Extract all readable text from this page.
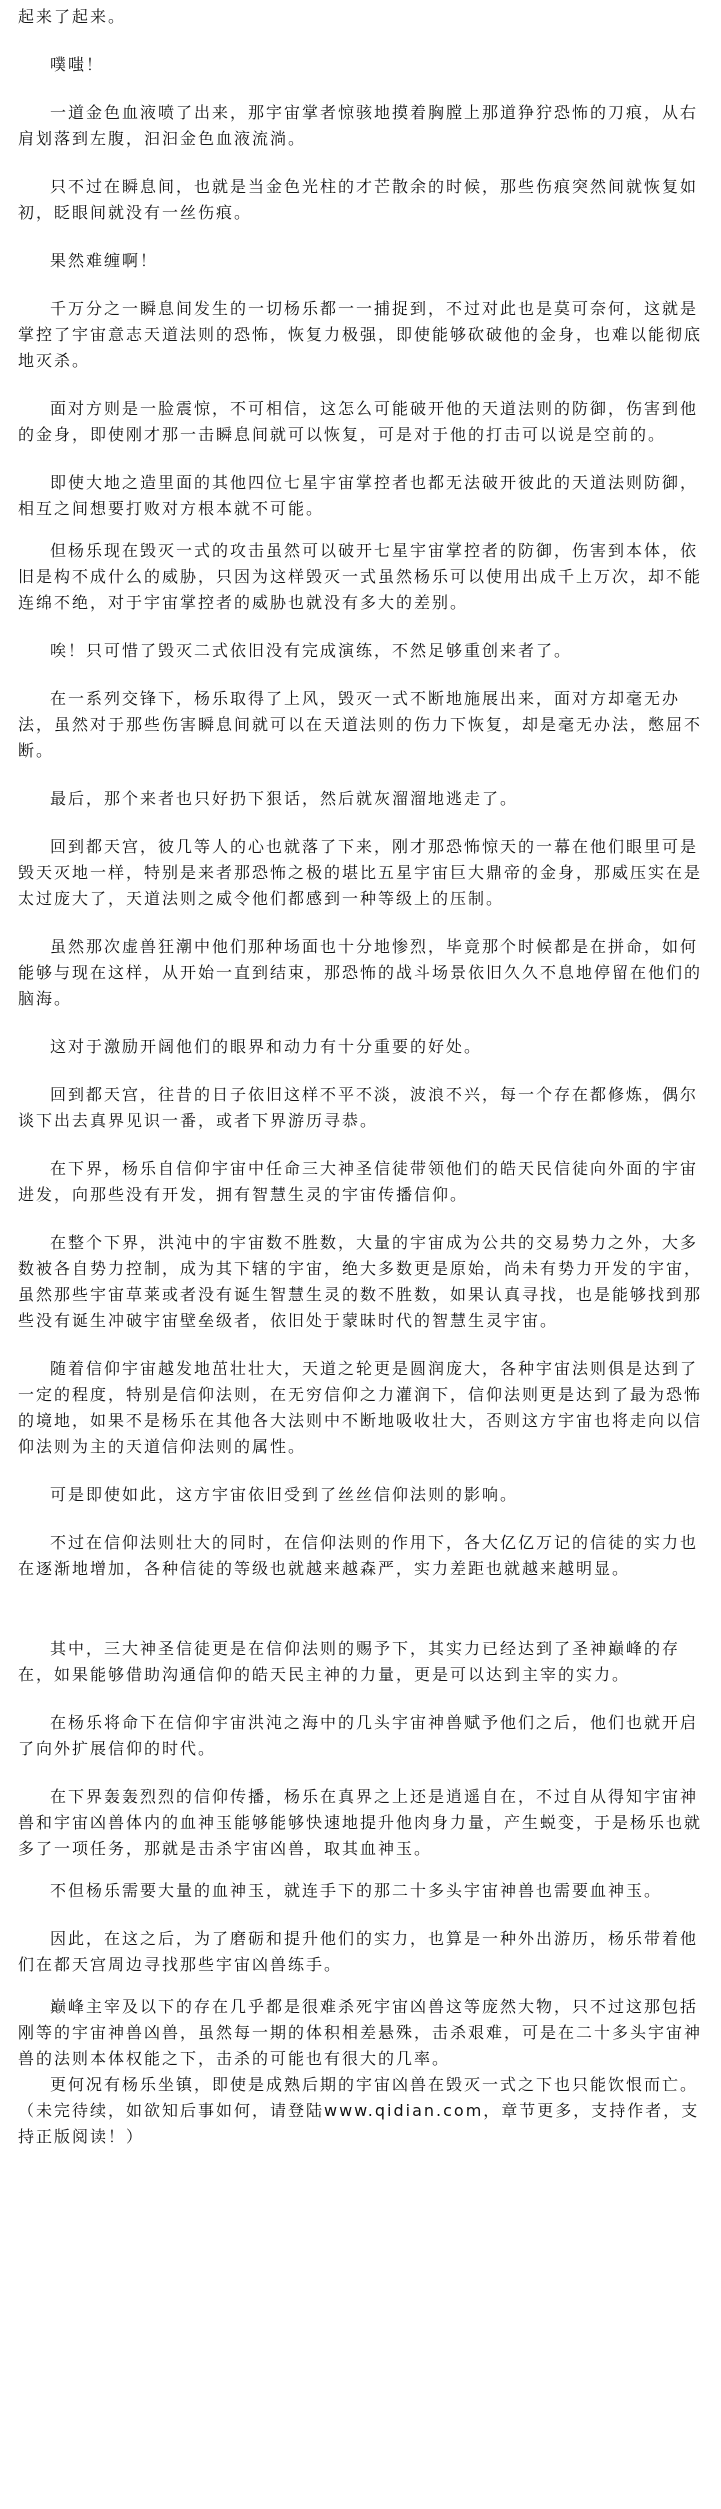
起来了起来。

噗嗤！

一道金色血液喷了出来，那宇宙掌者惊骇地摸着胸膛上那道狰狞恐怖的刀痕，从右肩划落到左腹，汩汩金色血液流淌。

只不过在瞬息间，也就是当金色光柱的才芒散余的时候，那些伤痕突然间就恢复如初，眨眼间就没有一丝伤痕。

果然难缠啊！

千万分之一瞬息间发生的一切杨乐都一一捕捉到，不过对此也是莫可奈何，这就是掌控了宇宙意志天道法则的恐怖，恢复力极强，即使能够砍破他的金身，也难以能彻底地灭杀。

面对方则是一脸震惊，不可相信，这怎么可能破开他的天道法则的防御，伤害到他的金身，即使刚才那一击瞬息间就可以恢复，可是对于他的打击可以说是空前的。

即使大地之造里面的其他四位七星宇宙掌控者也都无法破开彼此的天道法则防御，相互之间想要打败对方根本就不可能。

但杨乐现在毁灭一式的攻击虽然可以破开七星宇宙掌控者的防御，伤害到本体，依旧是构不成什么的威胁，只因为这样毁灭一式虽然杨乐可以使用出成千上万次，却不能连绵不绝，对于宇宙掌控者的威胁也就没有多大的差别。

唉！只可惜了毁灭二式依旧没有完成演练，不然足够重创来者了。

在一系列交锋下，杨乐取得了上风，毁灭一式不断地施展出来，面对方却毫无办法，虽然对于那些伤害瞬息间就可以在天道法则的伤力下恢复，却是毫无办法，憋屈不断。

最后，那个来者也只好扔下狠话，然后就灰溜溜地逃走了。

回到都天宫，彼几等人的心也就落了下来，刚才那恐怖惊天的一幕在他们眼里可是毁天灭地一样，特别是来者那恐怖之极的堪比五星宇宙巨大鼎帝的金身，那威压实在是太过庞大了，天道法则之威令他们都感到一种等级上的压制。

虽然那次虚兽狂潮中他们那种场面也十分地惨烈，毕竟那个时候都是在拼命，如何能够与现在这样，从开始一直到结束，那恐怖的战斗场景依旧久久不息地停留在他们的脑海。

这对于激励开阔他们的眼界和动力有十分重要的好处。

回到都天宫，往昔的日子依旧这样不平不淡，波浪不兴，每一个存在都修炼，偶尔谈下出去真界见识一番，或者下界游历寻恭。

在下界，杨乐自信仰宇宙中任命三大神圣信徒带领他们的皓天民信徒向外面的宇宙进发，向那些没有开发，拥有智慧生灵的宇宙传播信仰。

在整个下界，洪沌中的宇宙数不胜数，大量的宇宙成为公共的交易势力之外，大多数被各自势力控制，成为其下辖的宇宙，绝大多数更是原始，尚未有势力开发的宇宙，虽然那些宇宙草莱或者没有诞生智慧生灵的数不胜数，如果认真寻找，也是能够找到那些没有诞生冲破宇宙壁垒级者，依旧处于蒙昧时代的智慧生灵宇宙。

随着信仰宇宙越发地茁壮壮大，天道之轮更是圆润庞大，各种宇宙法则俱是达到了一定的程度，特别是信仰法则，在无穷信仰之力灌润下，信仰法则更是达到了最为恐怖的境地，如果不是杨乐在其他各大法则中不断地吸收壮大，否则这方宇宙也将走向以信仰法则为主的天道信仰法则的属性。

可是即使如此，这方宇宙依旧受到了丝丝信仰法则的影响。

不过在信仰法则壮大的同时，在信仰法则的作用下，各大亿亿万记的信徒的实力也在逐渐地增加，各种信徒的等级也就越来越森严，实力差距也就越来越明显。

其中，三大神圣信徒更是在信仰法则的赐予下，其实力已经达到了圣神巅峰的存在，如果能够借助沟通信仰的皓天民主神的力量，更是可以达到主宰的实力。

在杨乐将命下在信仰宇宙洪沌之海中的几头宇宙神兽赋予他们之后，他们也就开启了向外扩展信仰的时代。

在下界轰轰烈烈的信仰传播，杨乐在真界之上还是逍遥自在，不过自从得知宇宙神兽和宇宙凶兽体内的血神玉能够能够快速地提升他肉身力量，产生蜕变，于是杨乐也就多了一项任务，那就是击杀宇宙凶兽，取其血神玉。

不但杨乐需要大量的血神玉，就连手下的那二十多头宇宙神兽也需要血神玉。

因此，在这之后，为了磨砺和提升他们的实力，也算是一种外出游历，杨乐带着他们在都天宫周边寻找那些宇宙凶兽练手。

巅峰主宰及以下的存在几乎都是很难杀死宇宙凶兽这等庞然大物，只不过这那包括刚等的宇宙神兽凶兽，虽然每一期的体积相差悬殊，击杀艰难，可是在二十多头宇宙神兽的法则本体权能之下，击杀的可能也有很大的几率。

更何况有杨乐坐镇，即使是成熟后期的宇宙凶兽在毁灭一式之下也只能饮恨而亡。（未完待续，如欲知后事如何，请登陆www.qidian.com，章节更多，支持作者，支持正版阅读！）
